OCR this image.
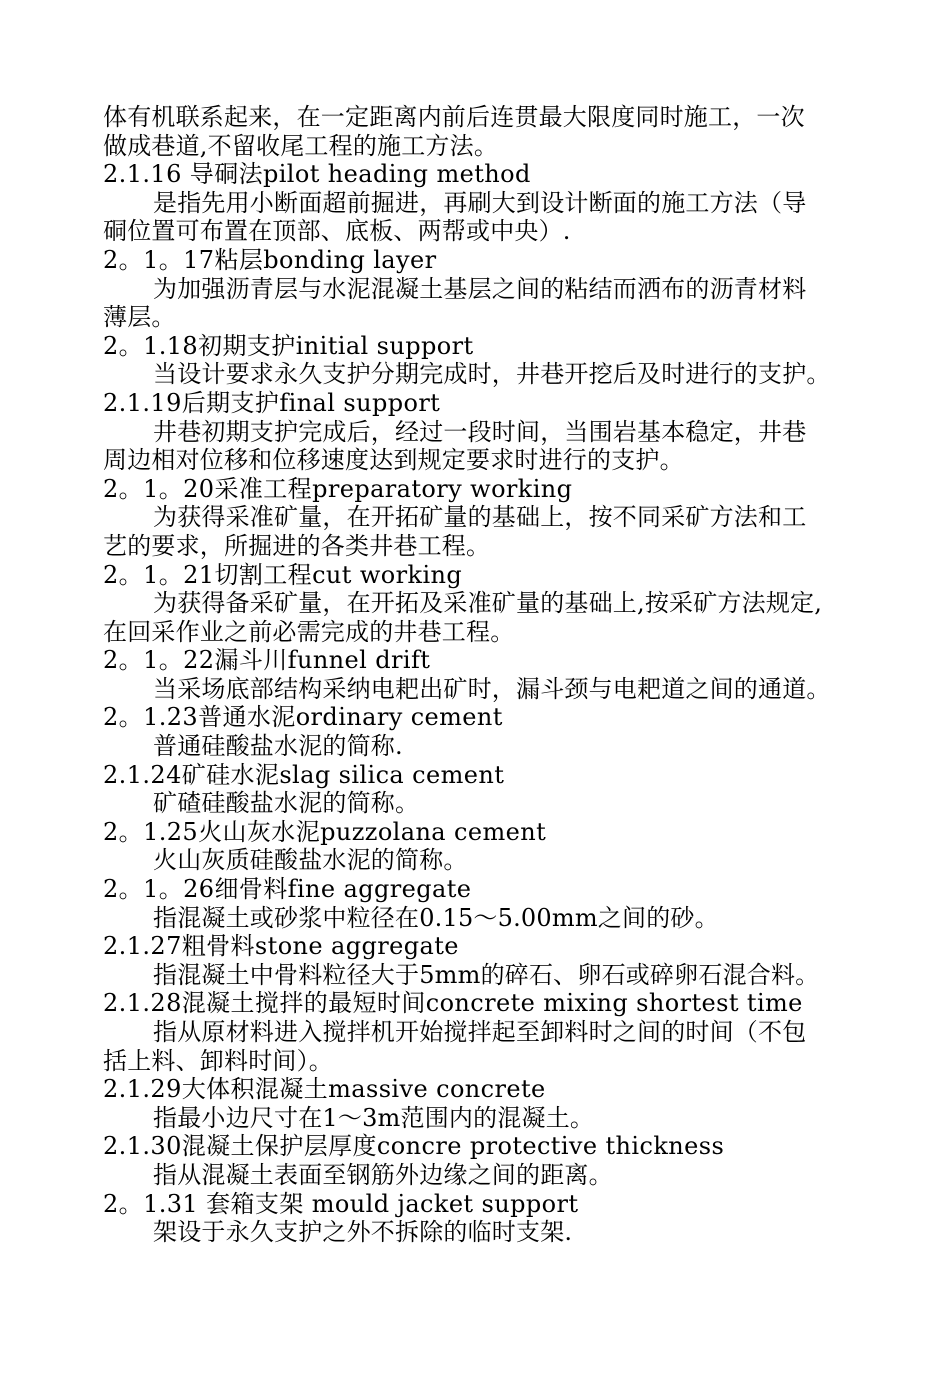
体有机联系起来，在一定距离内前后连贯最大限度同时施工，一次
做成巷道,不留收尾工程的施工方法。
2.1.16 导硐法pilot heading method
是指先用小断面超前掘进，再刷大到设计断面的施工方法（导
硐位置可布置在顶部、底板、两帮或中央）.
2。1。17粘层bonding layer
为加强沥青层与水泥混凝土基层之间的粘结而洒布的沥青材料
薄层。
2。1.18初期支护initial support
当设计要求永久支护分期完成时，井巷开挖后及时进行的支护。
2.1.19后期支护final support
井巷初期支护完成后，经过一段时间，当围岩基本稳定，井巷
周边相对位移和位移速度达到规定要求时进行的支护。
2。1。20采准工程preparatory working
为获得采准矿量，在开拓矿量的基础上，按不同采矿方法和工
艺的要求，所掘进的各类井巷工程。
2。1。21切割工程cut working
为获得备采矿量，在开拓及采准矿量的基础上,按采矿方法规定,
在回采作业之前必需完成的井巷工程。
2。1。22漏斗川funnel drift
当采场底部结构采纳电耙出矿时，漏斗颈与电耙道之间的通道。
2。1.23普通水泥ordinary cement
普通硅酸盐水泥的简称.
2.1.24矿硅水泥slag silica cement
矿碴硅酸盐水泥的简称。
2。1.25火山灰水泥puzzolana cement
火山灰质硅酸盐水泥的简称。
2。1。26细骨料fine aggregate
指混凝土或砂浆中粒径在0.15～5.00mm之间的砂。
2.1.27粗骨料stone aggregate
指混凝土中骨料粒径大于5mm的碎石、卵石或碎卵石混合料。
2.1.28混凝土搅拌的最短时间concrete mixing shortest time
指从原材料进入搅拌机开始搅拌起至卸料时之间的时间（不包
括上料、卸料时间）。
2.1.29大体积混凝土massive concrete
指最小边尺寸在1～3m范围内的混凝土。
2.1.30混凝土保护层厚度concre protective thickness
指从混凝土表面至钢筋外边缘之间的距离。
2。1.31 套箱支架 mould jacket support
架设于永久支护之外不拆除的临时支架.
